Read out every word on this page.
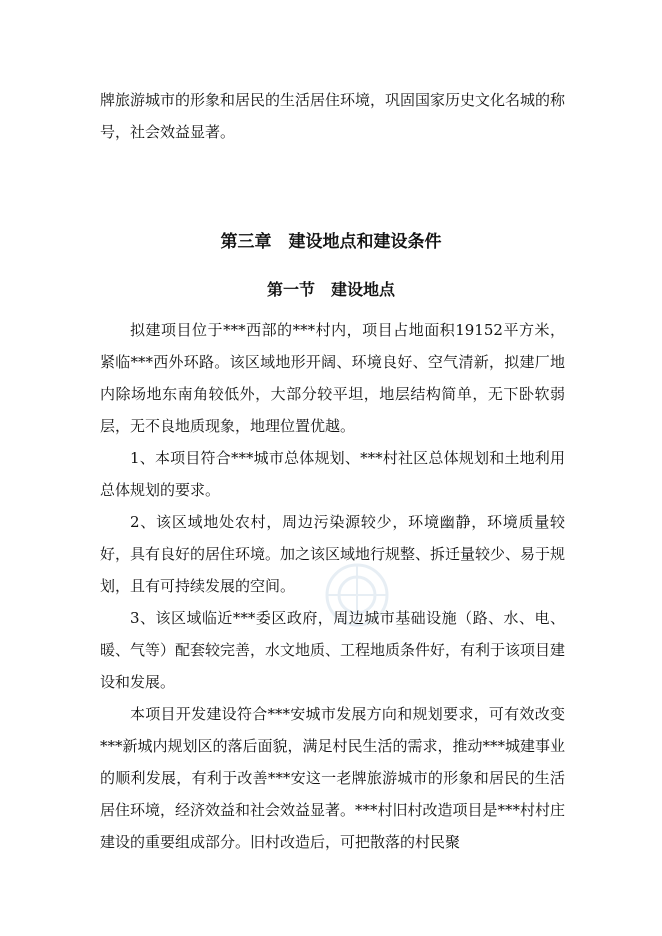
牌旅游城市的形象和居民的生活居住环境，巩固国家历史文化名城的称号，社会效益显著。

第三章　建设地点和建设条件
第一节　建设地点

拟建项目位于***西部的***村内，项目占地面积19152平方米，紧临***西外环路。该区域地形开阔、环境良好、空气清新，拟建厂地内除场地东南角较低外，大部分较平坦，地层结构简单，无下卧软弱层，无不良地质现象，地理位置优越。

1、本项目符合***城市总体规划、***村社区总体规划和土地利用总体规划的要求。

2、该区域地处农村，周边污染源较少，环境幽静，环境质量较好，具有良好的居住环境。加之该区域地行规整、拆迁量较少、易于规划，且有可持续发展的空间。

3、该区域临近***委区政府，周边城市基础设施（路、水、电、暖、气等）配套较完善，水文地质、工程地质条件好，有利于该项目建设和发展。

本项目开发建设符合***安城市发展方向和规划要求，可有效改变***新城内规划区的落后面貌，满足村民生活的需求，推动***城建事业的顺利发展，有利于改善***安这一老牌旅游城市的形象和居民的生活居住环境，经济效益和社会效益显著。***村旧村改造项目是***村村庄建设的重要组成部分。旧村改造后，可把散落的村民聚
